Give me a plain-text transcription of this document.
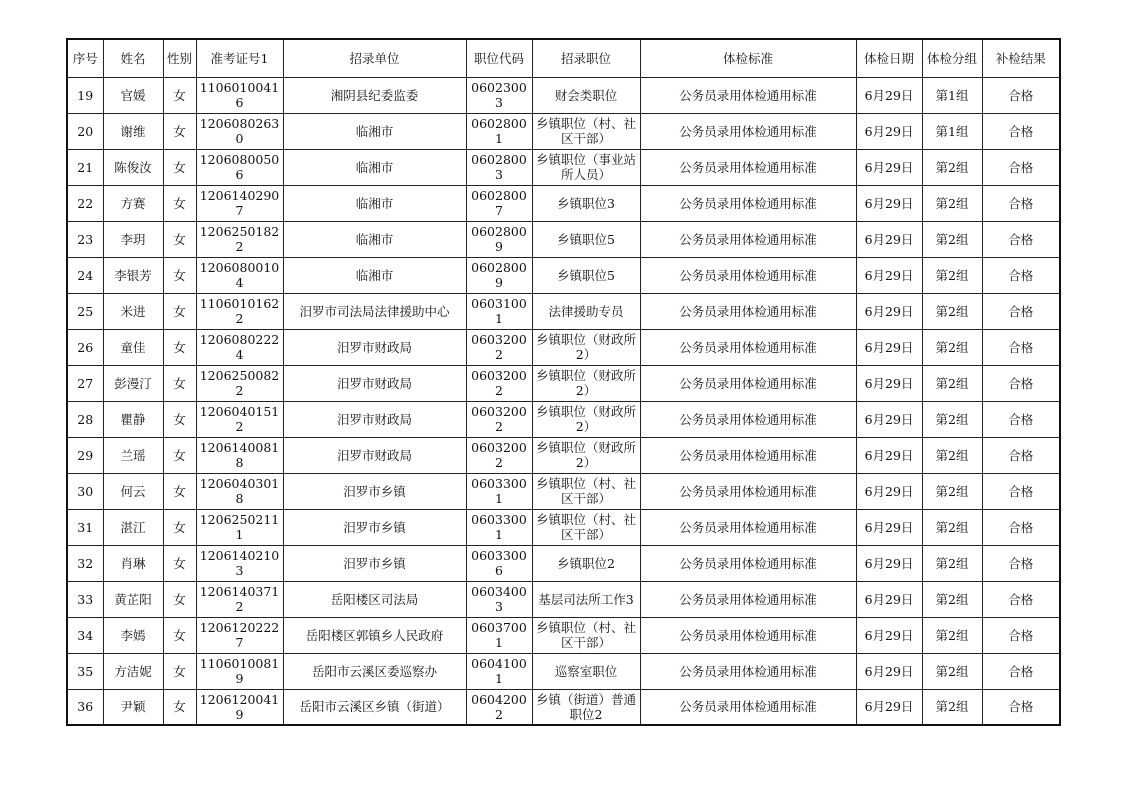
序号	姓名	性别	准考证号1	招录单位	职位代码	招录职位	体检标准	体检日期	体检分组	补检结果
19	官媛	女	11060100416	湘阴县纪委监委	06023003	财会类职位	公务员录用体检通用标准	6月29日	第1组	合格
20	谢维	女	12060802630	临湘市	06028001	乡镇职位（村、社区干部）	公务员录用体检通用标准	6月29日	第1组	合格
21	陈俊汝	女	12060800506	临湘市	06028003	乡镇职位（事业站所人员）	公务员录用体检通用标准	6月29日	第2组	合格
22	方赛	女	12061402907	临湘市	06028007	乡镇职位3	公务员录用体检通用标准	6月29日	第2组	合格
23	李玥	女	12062501822	临湘市	06028009	乡镇职位5	公务员录用体检通用标准	6月29日	第2组	合格
24	李银芳	女	12060800104	临湘市	06028009	乡镇职位5	公务员录用体检通用标准	6月29日	第2组	合格
25	米进	女	11060101622	汨罗市司法局法律援助中心	06031001	法律援助专员	公务员录用体检通用标准	6月29日	第2组	合格
26	童佳	女	12060802224	汨罗市财政局	06032002	乡镇职位（财政所2）	公务员录用体检通用标准	6月29日	第2组	合格
27	彭漫汀	女	12062500822	汨罗市财政局	06032002	乡镇职位（财政所2）	公务员录用体检通用标准	6月29日	第2组	合格
28	瞿静	女	12060401512	汨罗市财政局	06032002	乡镇职位（财政所2）	公务员录用体检通用标准	6月29日	第2组	合格
29	兰瑶	女	12061400818	汨罗市财政局	06032002	乡镇职位（财政所2）	公务员录用体检通用标准	6月29日	第2组	合格
30	何云	女	12060403018	汨罗市乡镇	06033001	乡镇职位（村、社区干部）	公务员录用体检通用标准	6月29日	第2组	合格
31	湛江	女	12062502111	汨罗市乡镇	06033001	乡镇职位（村、社区干部）	公务员录用体检通用标准	6月29日	第2组	合格
32	肖琳	女	12061402103	汨罗市乡镇	06033006	乡镇职位2	公务员录用体检通用标准	6月29日	第2组	合格
33	黄芷阳	女	12061403712	岳阳楼区司法局	06034003	基层司法所工作3	公务员录用体检通用标准	6月29日	第2组	合格
34	李嫣	女	12061202227	岳阳楼区郭镇乡人民政府	06037001	乡镇职位（村、社区干部）	公务员录用体检通用标准	6月29日	第2组	合格
35	方洁妮	女	11060100819	岳阳市云溪区委巡察办	06041001	巡察室职位	公务员录用体检通用标准	6月29日	第2组	合格
36	尹颖	女	12061200419	岳阳市云溪区乡镇（街道）	06042002	乡镇（街道）普通职位2	公务员录用体检通用标准	6月29日	第2组	合格
